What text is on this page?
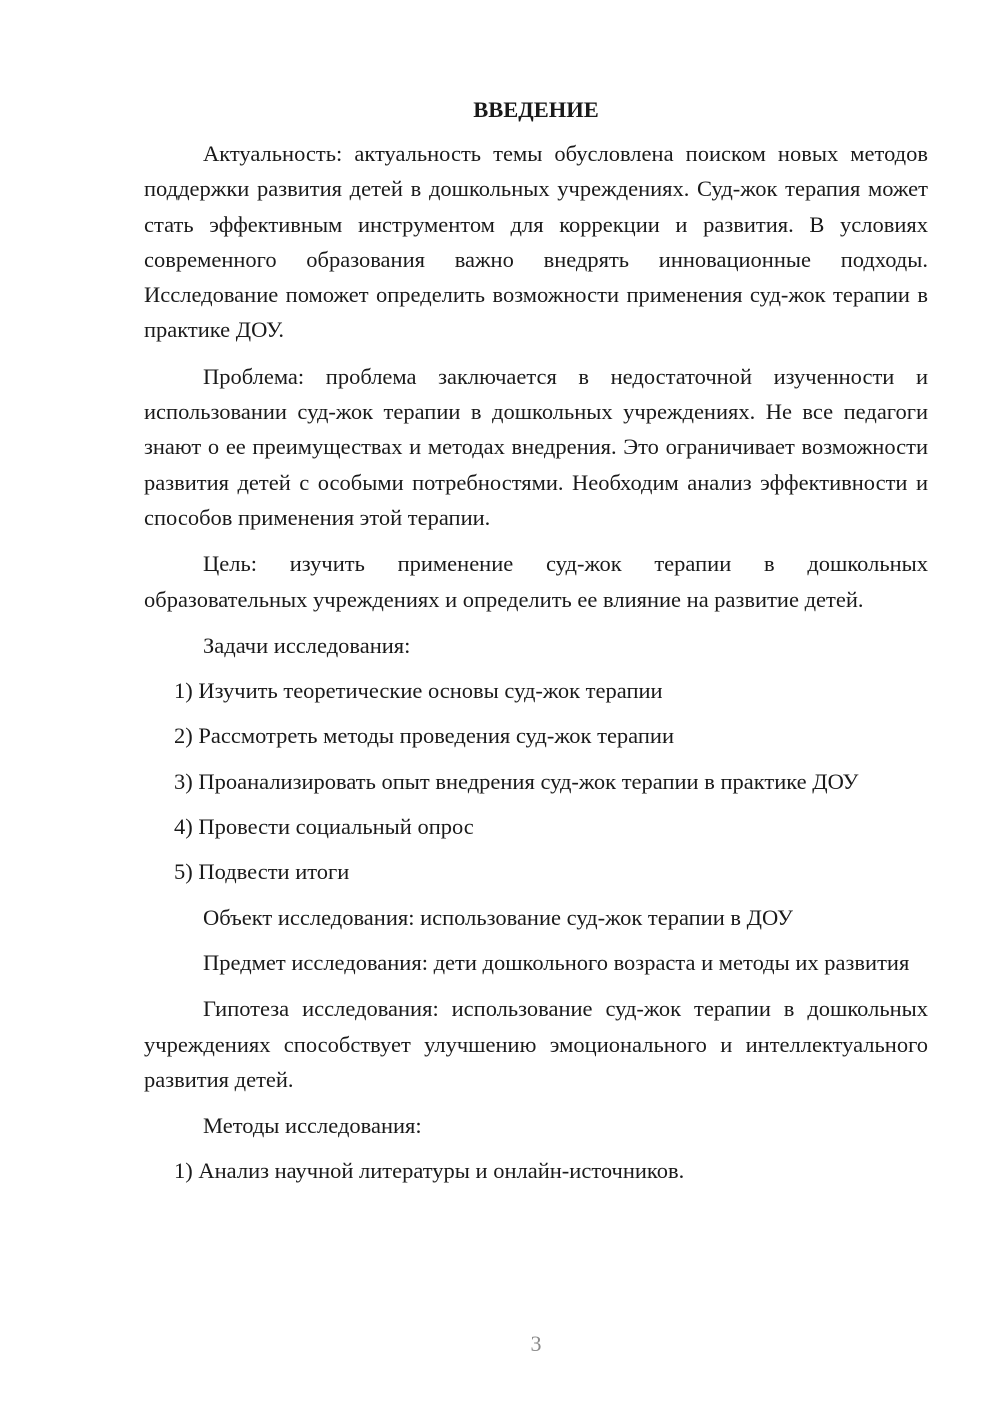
ВВЕДЕНИЕ

Актуальность: актуальность темы обусловлена поиском новых методов поддержки развития детей в дошкольных учреждениях. Суд-жок терапия может стать эффективным инструментом для коррекции и развития. В условиях современного образования важно внедрять инновационные подходы. Исследование поможет определить возможности применения суд-жок терапии в практике ДОУ.

Проблема: проблема заключается в недостаточной изученности и использовании суд-жок терапии в дошкольных учреждениях. Не все педагоги знают о ее преимуществах и методах внедрения. Это ограничивает возможности развития детей с особыми потребностями. Необходим анализ эффективности и способов применения этой терапии.

Цель: изучить применение суд-жок терапии в дошкольных образовательных учреждениях и определить ее влияние на развитие детей.

Задачи исследования:

1) Изучить теоретические основы суд-жок терапии

2) Рассмотреть методы проведения суд-жок терапии

3) Проанализировать опыт внедрения суд-жок терапии в практике ДОУ

4) Провести социальный опрос

5) Подвести итоги

Объект исследования: использование суд-жок терапии в ДОУ

Предмет исследования: дети дошкольного возраста и методы их развития

Гипотеза исследования: использование суд-жок терапии в дошкольных учреждениях способствует улучшению эмоционального и интеллектуального развития детей.

Методы исследования:

1) Анализ научной литературы и онлайн-источников.

3
